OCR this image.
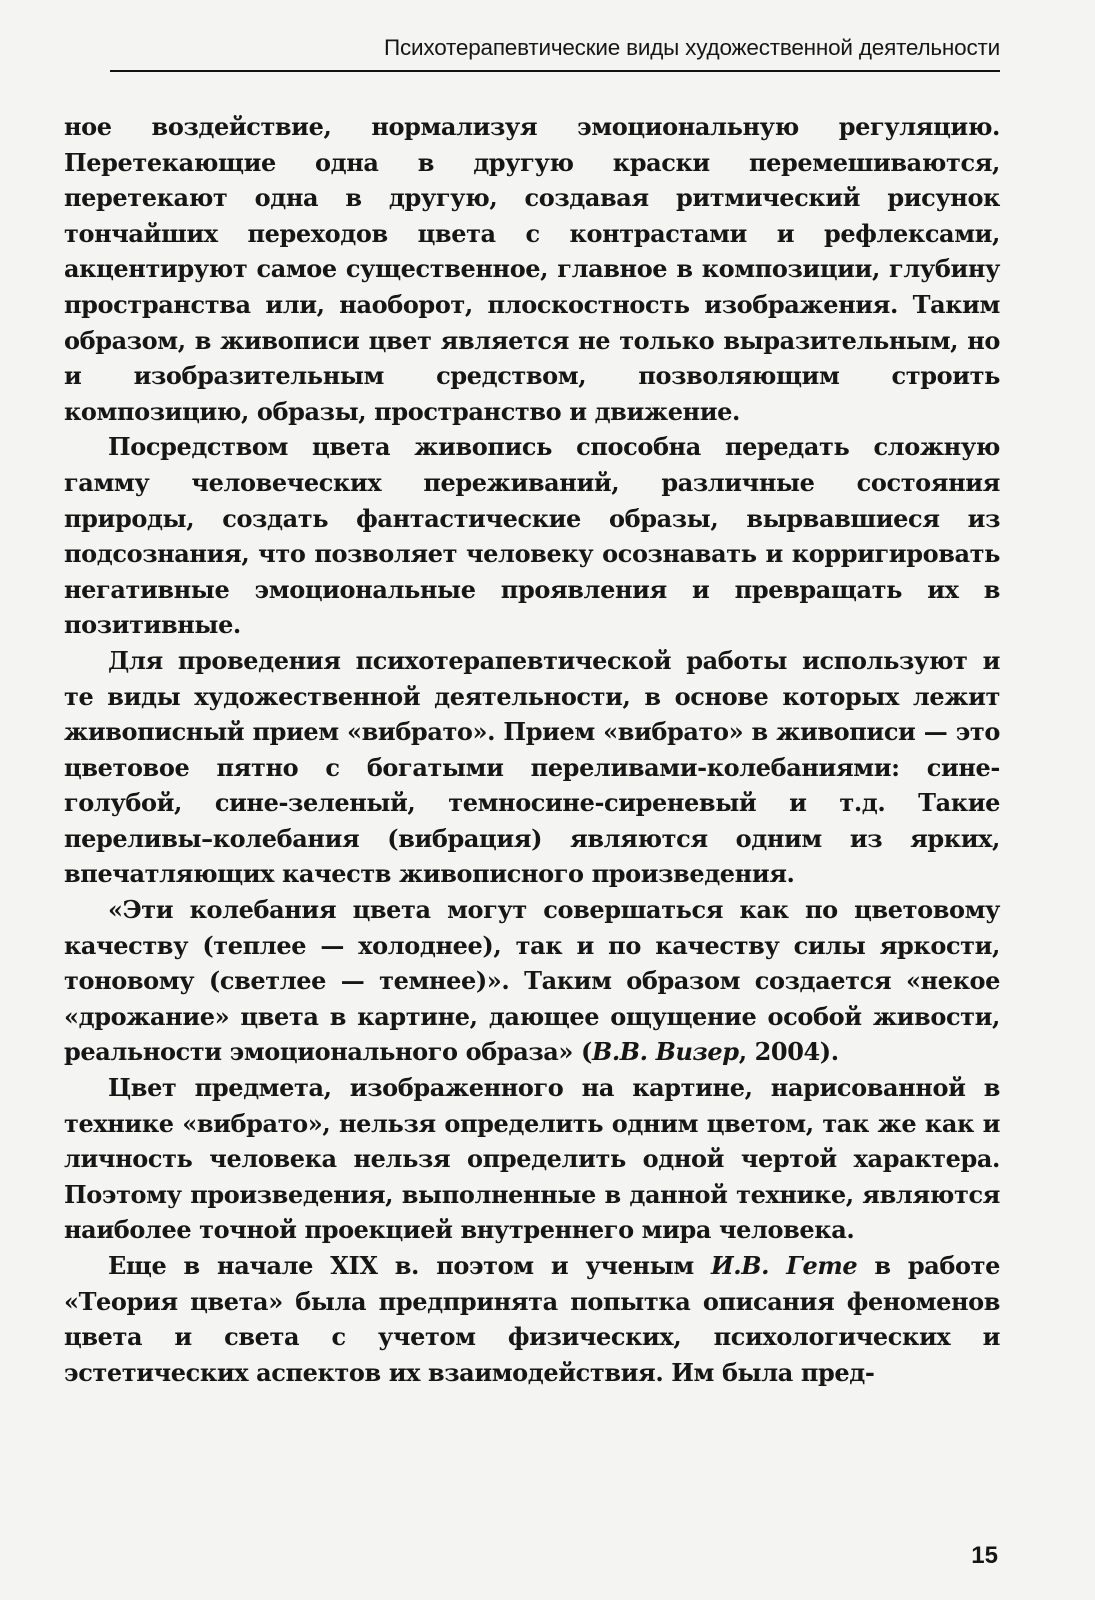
Психотерапевтические виды художественной деятельности

ное воздействие, нормализуя эмоциональную регуляцию. Перетекающие одна в другую краски перемешиваются, перетекают одна в другую, создавая ритмический рисунок тончайших переходов цвета с контрастами и рефлексами, акцентируют самое существенное, главное в композиции, глубину пространства или, наоборот, плоскостность изображения. Таким образом, в живописи цвет является не только выразительным, но и изобразительным средством, позволяющим строить композицию, образы, пространство и движение.

Посредством цвета живопись способна передать сложную гамму человеческих переживаний, различные состояния природы, создать фантастические образы, вырвавшиеся из подсознания, что позволяет человеку осознавать и корригировать негативные эмоциональные проявления и превращать их в позитивные.

Для проведения психотерапевтической работы используют и те виды художественной деятельности, в основе которых лежит живописный прием «вибрато». Прием «вибрато» в живописи — это цветовое пятно с богатыми переливами-колебаниями: сине-голубой, сине-зеленый, темносине-сиреневый и т.д. Такие переливы–колебания (вибрация) являются одним из ярких, впечатляющих качеств живописного произведения.

«Эти колебания цвета могут совершаться как по цветовому качеству (теплее — холоднее), так и по качеству силы яркости, тоновому (светлее — темнее)». Таким образом создается «некое «дрожание» цвета в картине, дающее ощущение особой живости, реальности эмоционального образа» (В.В. Визер, 2004).

Цвет предмета, изображенного на картине, нарисованной в технике «вибрато», нельзя определить одним цветом, так же как и личность человека нельзя определить одной чертой характера. Поэтому произведения, выполненные в данной технике, являются наиболее точной проекцией внутреннего мира человека.

Еще в начале XIX в. поэтом и ученым И.В. Гете в работе «Теория цвета» была предпринята попытка описания феноменов цвета и света с учетом физических, психологических и эстетических аспектов их взаимодействия. Им была пред-

15
